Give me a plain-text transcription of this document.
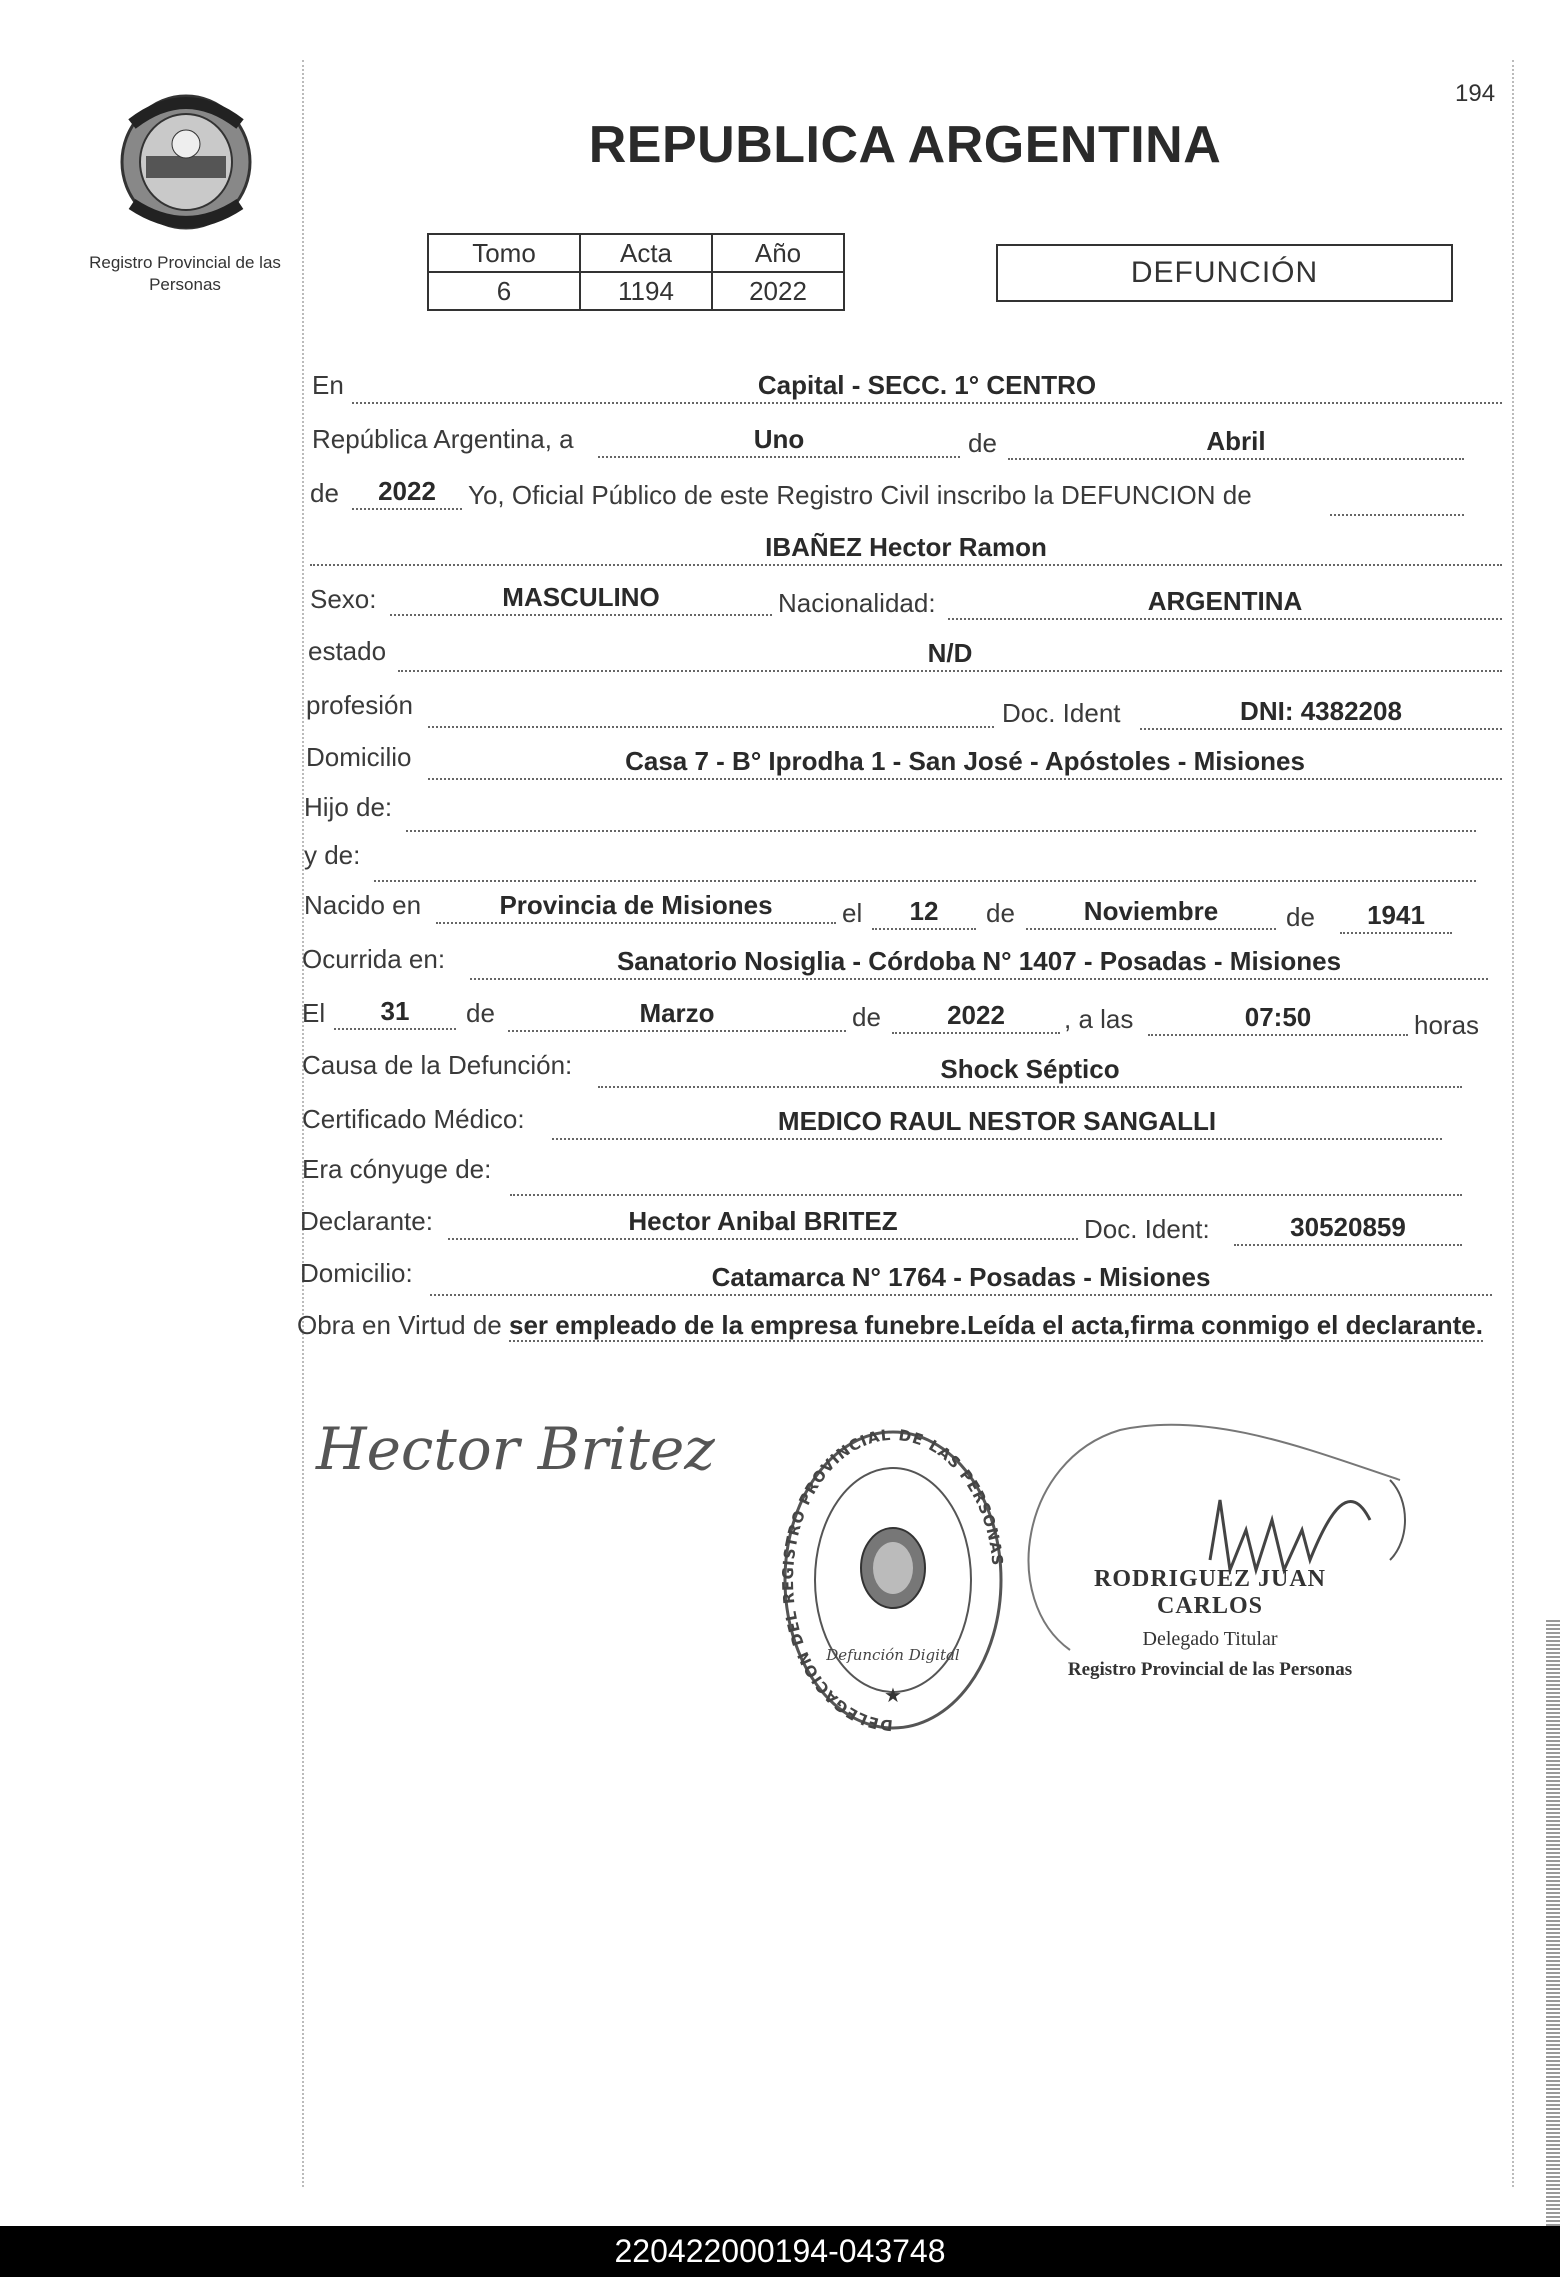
194
Registro Provincial de las Personas
REPUBLICA ARGENTINA
Tomo	Acta	Año
6	1194	2022
DEFUNCIÓN
En	Capital - SECC. 1° CENTRO
República Argentina, a	Uno	de	Abril
de	2022	Yo, Oficial Público de este Registro Civil inscribo la DEFUNCION de
IBAÑEZ Hector Ramon
Sexo:	MASCULINO	Nacionalidad:	ARGENTINA
estado	N/D
profesión	Doc. Ident	DNI: 4382208
Domicilio	Casa 7 - B° Iprodha 1 - San José - Apóstoles - Misiones
Hijo de:
y de:
Nacido en	Provincia de Misiones	el	12	de	Noviembre	de	1941
Ocurrida en:	Sanatorio Nosiglia - Córdoba N° 1407 - Posadas - Misiones
El	31	de	Marzo	de	2022	, a las	07:50	horas
Causa de la Defunción:	Shock Séptico
Certificado Médico:	MEDICO RAUL NESTOR SANGALLI
Era cónyuge de:
Declarante:	Hector Anibal BRITEZ	Doc. Ident:	30520859
Domicilio:	Catamarca N° 1764 - Posadas - Misiones
Obra en Virtud de ser empleado de la empresa funebre.Leída el acta,firma conmigo el declarante.
Hector Britez
DELEGACION DEL REGISTRO PROVINCIAL DE LAS PERSONAS
Defunción Digital
★
RODRIGUEZ JUAN CARLOS
Delegado Titular
Registro Provincial de las Personas
220422000194-043748
